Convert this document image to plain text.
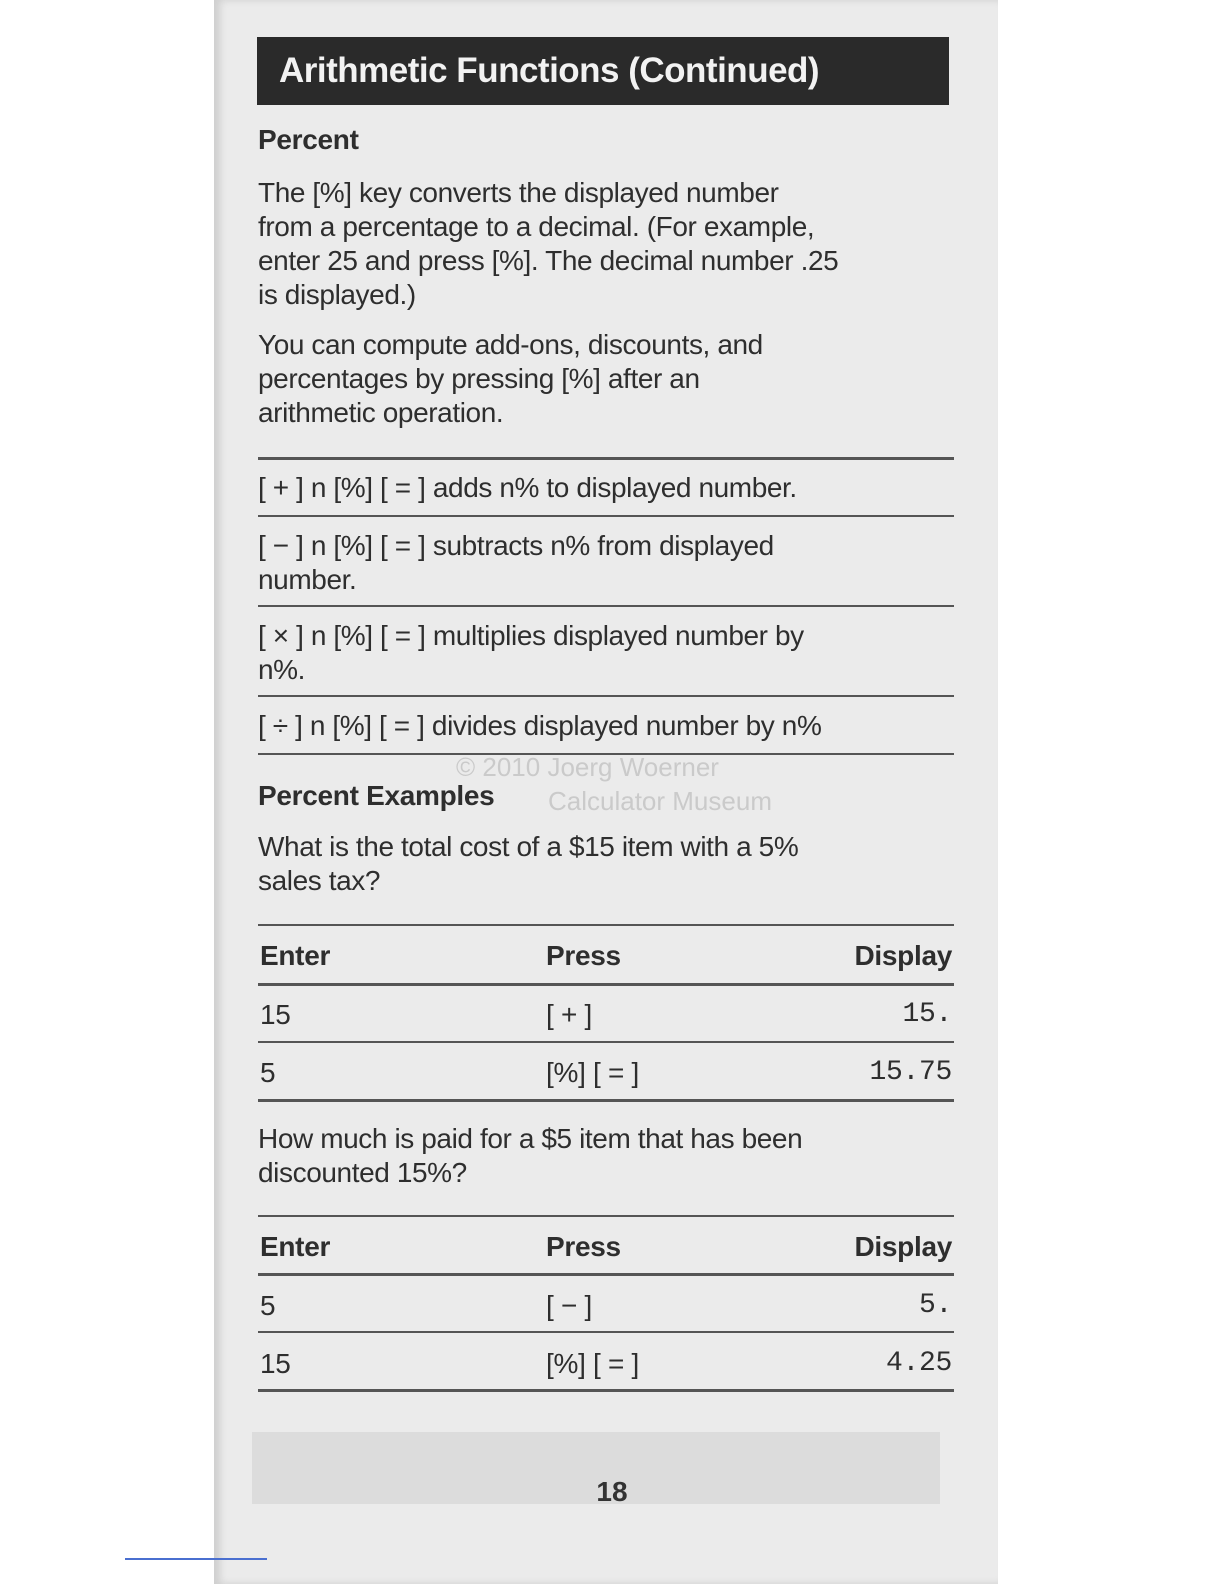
Arithmetic Functions (Continued)
Percent
The [%] key converts the displayed number
from a percentage to a decimal. (For example,
enter 25 and press [%]. The decimal number .25
is displayed.)
You can compute add-ons, discounts, and
percentages by pressing [%] after an
arithmetic operation.
[ + ] n [%] [ = ] adds n% to displayed number.
[ − ] n [%] [ = ] subtracts n% from displayed
number.
[ × ] n [%] [ = ] multiplies displayed number by
n%.
[ ÷ ] n [%] [ = ] divides displayed number by n%
© 2010 Joerg Woerner
Calculator Museum
Percent Examples
What is the total cost of a $15 item with a 5%
sales tax?
Enter	Press	Display
15	[ + ]	15.
5	[%] [ = ]	15.75
How much is paid for a $5 item that has been
discounted 15%?
Enter	Press	Display
5	[ − ]	5.
15	[%] [ = ]	4.25
18
